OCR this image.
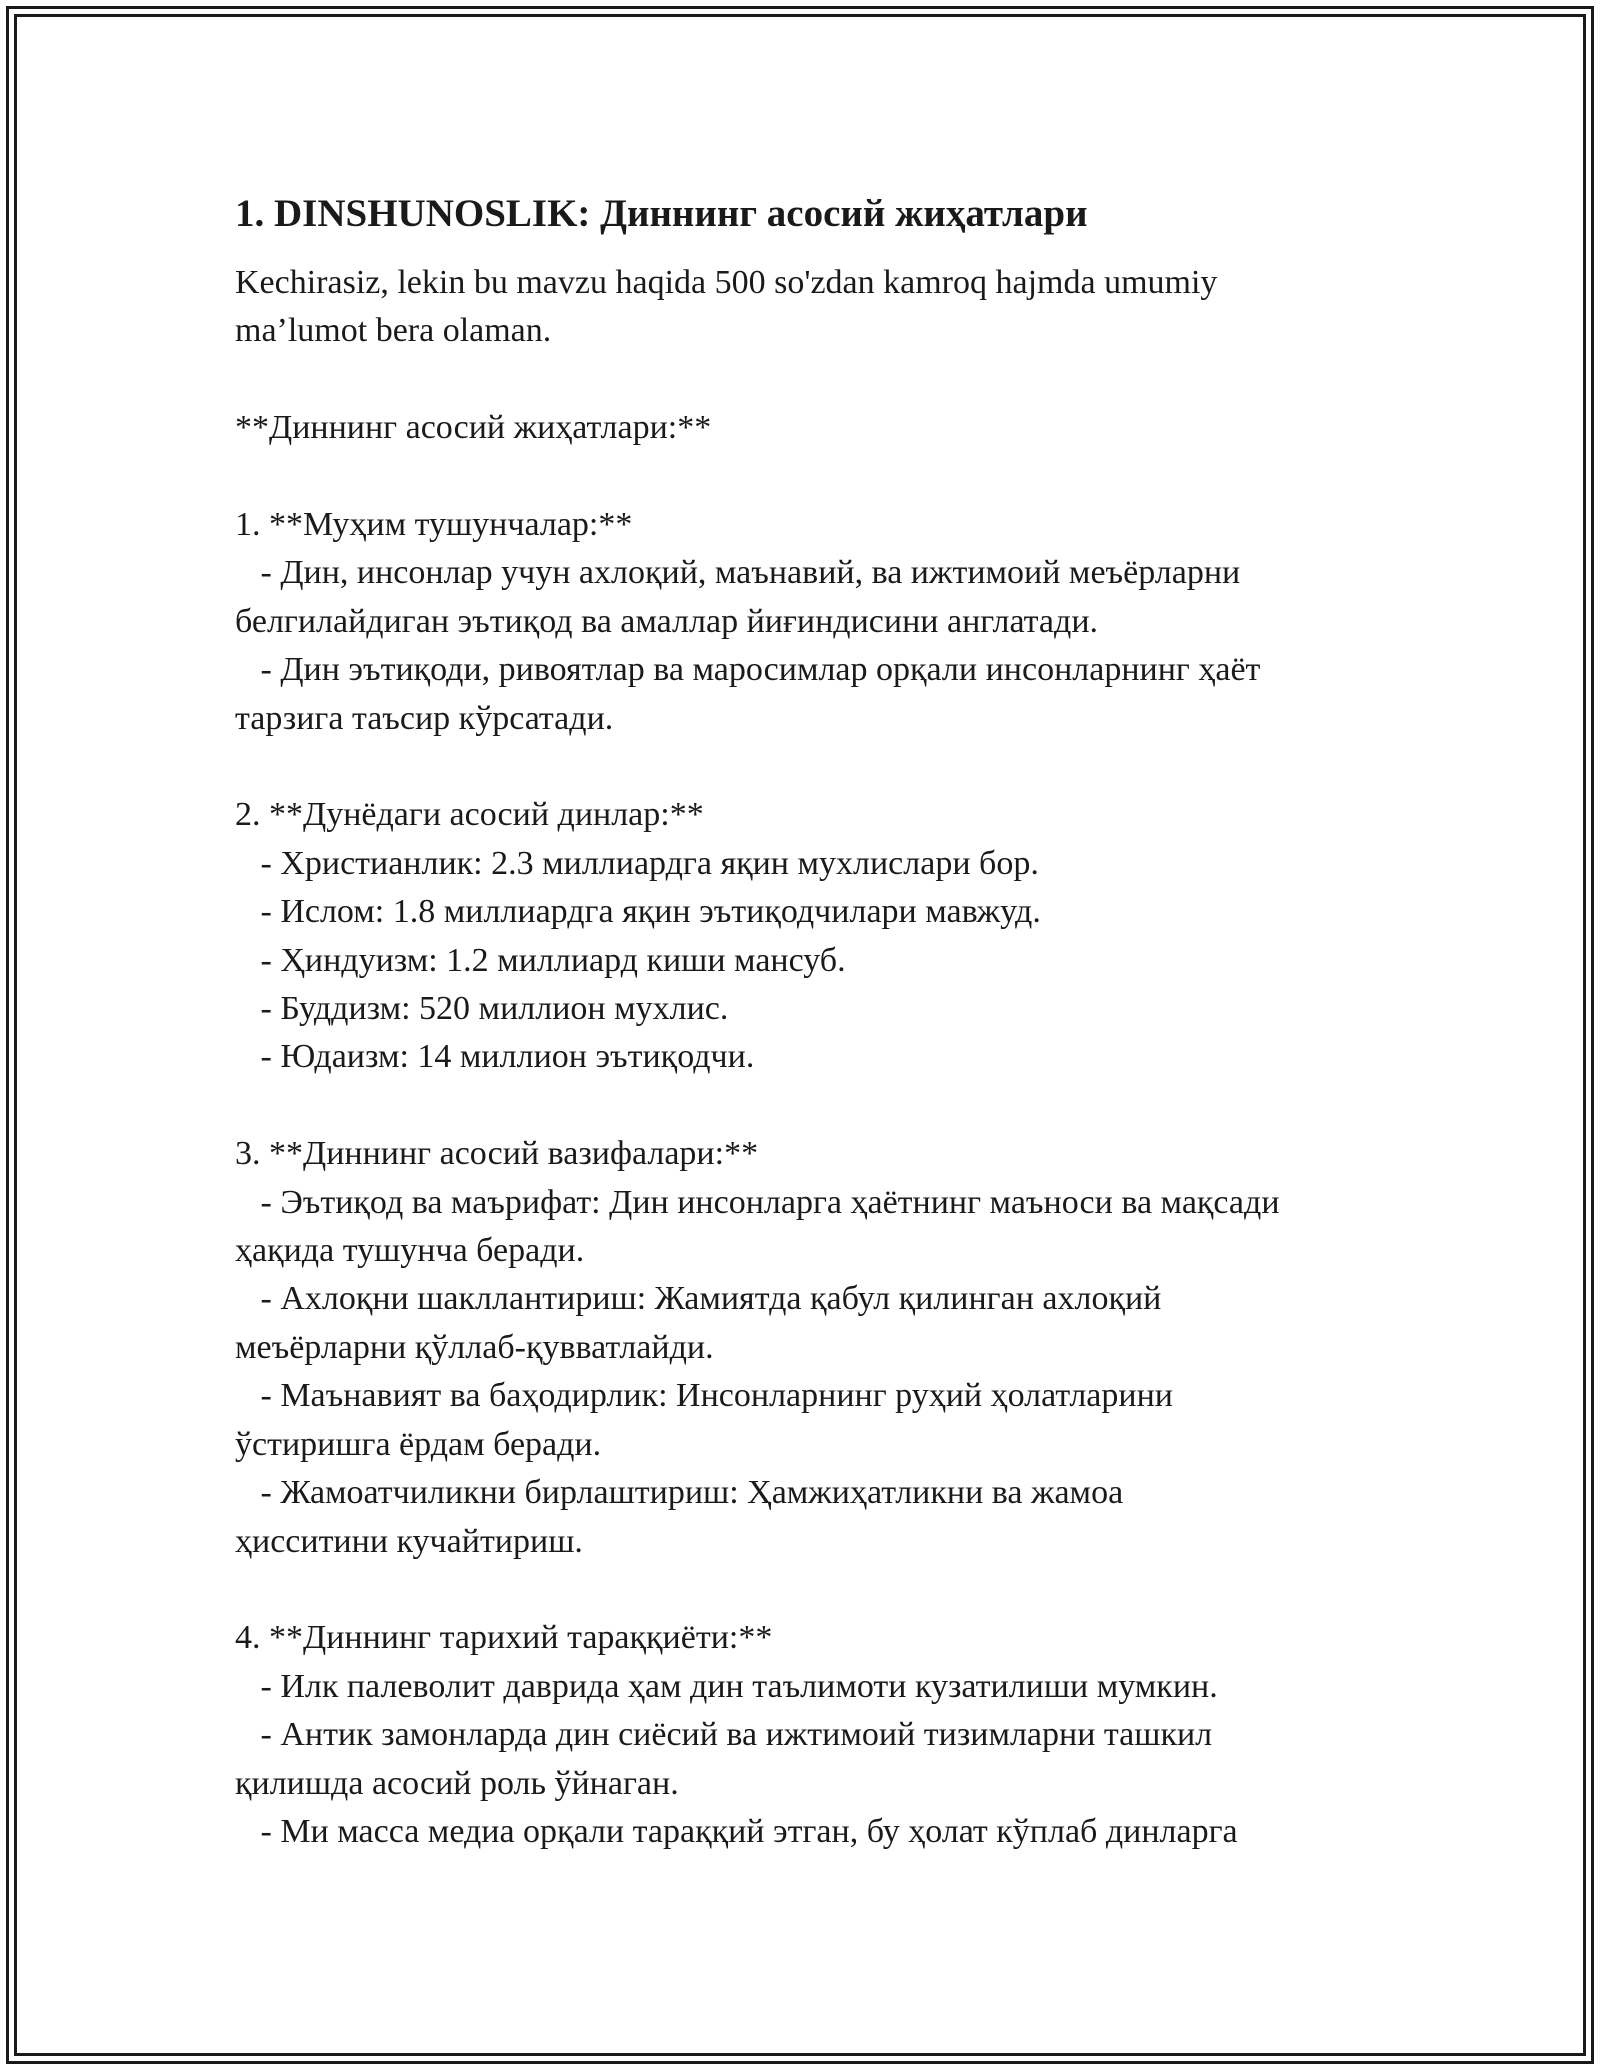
1. DINSHUNOSLIK: Диннинг асосий жиҳатлари
Kechirasiz, lekin bu mavzu haqida 500 so'zdan kamroq hajmda umumiy
ma’lumot bera olaman.
**Диннинг асосий жиҳатлари:**
1. **Муҳим тушунчалар:**
- Дин, инсонлар учун ахлоқий, маънавий, ва ижтимоий меъёрларни
белгилайдиган эътиқод ва амаллар йиғиндисини англатади.
- Дин эътиқоди, ривоятлар ва маросимлар орқали инсонларнинг ҳаёт
тарзига таъсир кўрсатади.
2. **Дунёдаги асосий динлар:**
- Христианлик: 2.3 миллиардга яқин мухлислари бор.
- Ислом: 1.8 миллиардга яқин эътиқодчилари мавжуд.
- Ҳиндуизм: 1.2 миллиард киши мансуб.
- Буддизм: 520 миллион мухлис.
- Юдаизм: 14 миллион эътиқодчи.
3. **Диннинг асосий вазифалари:**
- Эътиқод ва маърифат: Дин инсонларга ҳаётнинг маъноси ва мақсади
ҳақида тушунча беради.
- Ахлоқни шакллантириш: Жамиятда қабул қилинган ахлоқий
меъёрларни қўллаб-қувватлайди.
- Маънавият ва баҳодирлик: Инсонларнинг руҳий ҳолатларини
ўстиришга ёрдам беради.
- Жамоатчиликни бирлаштириш: Ҳамжиҳатликни ва жамоа
ҳисситини кучайтириш.
4. **Диннинг тарихий тараққиёти:**
- Илк палеволит даврида ҳам дин таълимоти кузатилиши мумкин.
- Антик замонларда дин сиёсий ва ижтимоий тизимларни ташкил
қилишда асосий роль ўйнаган.
- Ми масса медиа орқали тараққий этган, бу ҳолат кўплаб динларга
